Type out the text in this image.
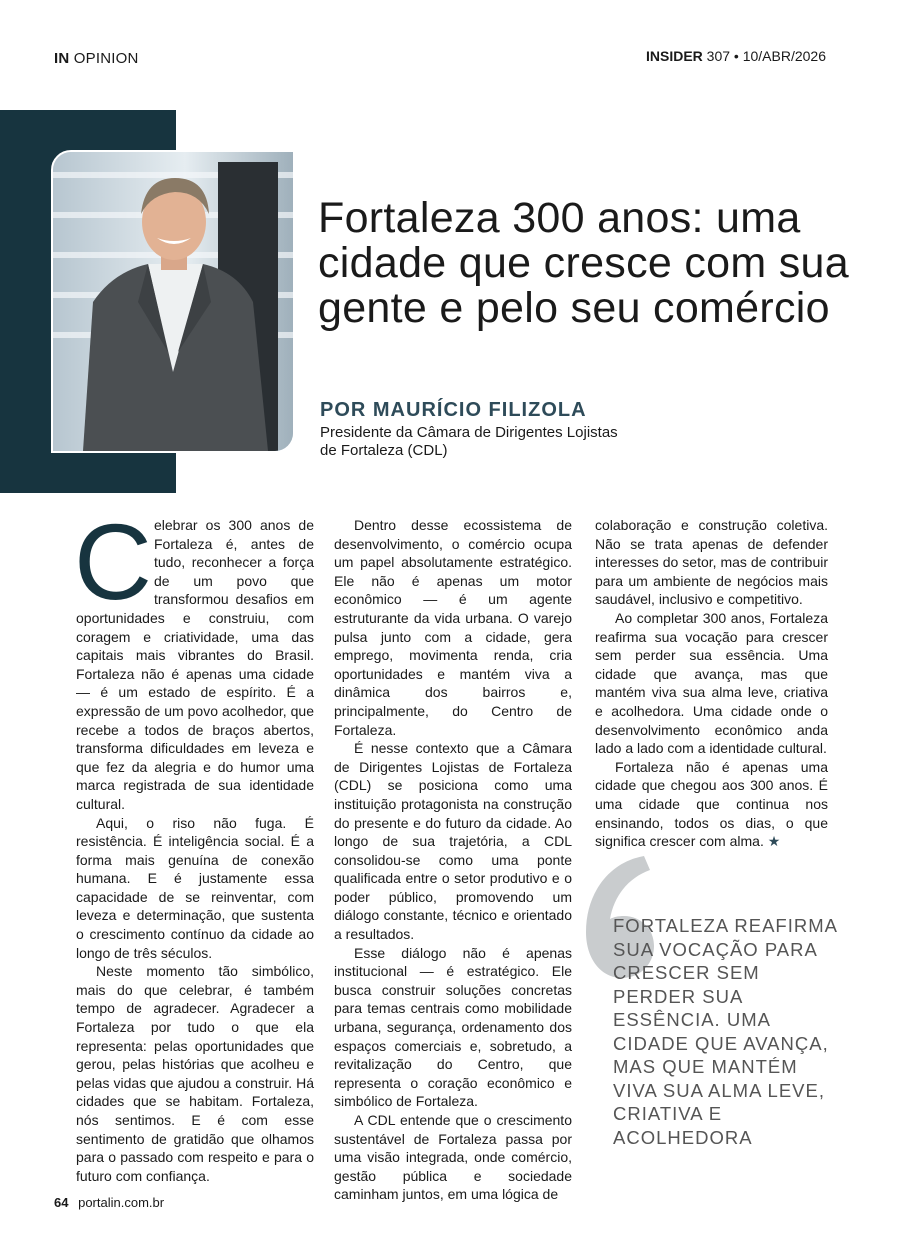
IN OPINION	INSIDER 307 • 10/ABR/2026
Fortaleza 300 anos: uma cidade que cresce com sua gente e pelo seu comércio
POR MAURÍCIO FILIZOLA
Presidente da Câmara de Dirigentes Lojistas de Fortaleza (CDL)

Celebrar os 300 anos de Fortaleza é, antes de tudo, reconhecer a força de um povo que transformou desafios em oportunidades e construiu, com coragem e criatividade, uma das capitais mais vibrantes do Brasil. Fortaleza não é apenas uma cidade — é um estado de espírito. É a expressão de um povo acolhedor, que recebe a todos de braços abertos, transforma dificuldades em leveza e que fez da alegria e do humor uma marca registrada de sua identidade cultural.

Aqui, o riso não fuga. É resistência. É inteligência social. É a forma mais genuína de conexão humana. E é justamente essa capacidade de se reinventar, com leveza e determinação, que sustenta o crescimento contínuo da cidade ao longo de três séculos.

Neste momento tão simbólico, mais do que celebrar, é também tempo de agradecer. Agradecer a Fortaleza por tudo o que ela representa: pelas oportunidades que gerou, pelas histórias que acolheu e pelas vidas que ajudou a construir. Há cidades que se habitam. Fortaleza, nós sentimos. E é com esse sentimento de gratidão que olhamos para o passado com respeito e para o futuro com confiança.

Dentro desse ecossistema de desenvolvimento, o comércio ocupa um papel absolutamente estratégico. Ele não é apenas um motor econômico — é um agente estruturante da vida urbana. O varejo pulsa junto com a cidade, gera emprego, movimenta renda, cria oportunidades e mantém viva a dinâmica dos bairros e, principalmente, do Centro de Fortaleza.

É nesse contexto que a Câmara de Dirigentes Lojistas de Fortaleza (CDL) se posiciona como uma instituição protagonista na construção do presente e do futuro da cidade. Ao longo de sua trajetória, a CDL consolidou-se como uma ponte qualificada entre o setor produtivo e o poder público, promovendo um diálogo constante, técnico e orientado a resultados.

Esse diálogo não é apenas institucional — é estratégico. Ele busca construir soluções concretas para temas centrais como mobilidade urbana, segurança, ordenamento dos espaços comerciais e, sobretudo, a revitalização do Centro, que representa o coração econômico e simbólico de Fortaleza.

A CDL entende que o crescimento sustentável de Fortaleza passa por uma visão integrada, onde comércio, gestão pública e sociedade caminham juntos, em uma lógica de

colaboração e construção coletiva. Não se trata apenas de defender interesses do setor, mas de contribuir para um ambiente de negócios mais saudável, inclusivo e competitivo.

Ao completar 300 anos, Fortaleza reafirma sua vocação para crescer sem perder sua essência. Uma cidade que avança, mas que mantém viva sua alma leve, criativa e acolhedora. Uma cidade onde o desenvolvimento econômico anda lado a lado com a identidade cultural.

Fortaleza não é apenas uma cidade que chegou aos 300 anos. É uma cidade que continua nos ensinando, todos os dias, o que significa crescer com alma. ★

FORTALEZA REAFIRMA SUA VOCAÇÃO PARA CRESCER SEM PERDER SUA ESSÊNCIA. UMA CIDADE QUE AVANÇA, MAS QUE MANTÉM VIVA SUA ALMA LEVE, CRIATIVA E ACOLHEDORA

64 portalin.com.br
